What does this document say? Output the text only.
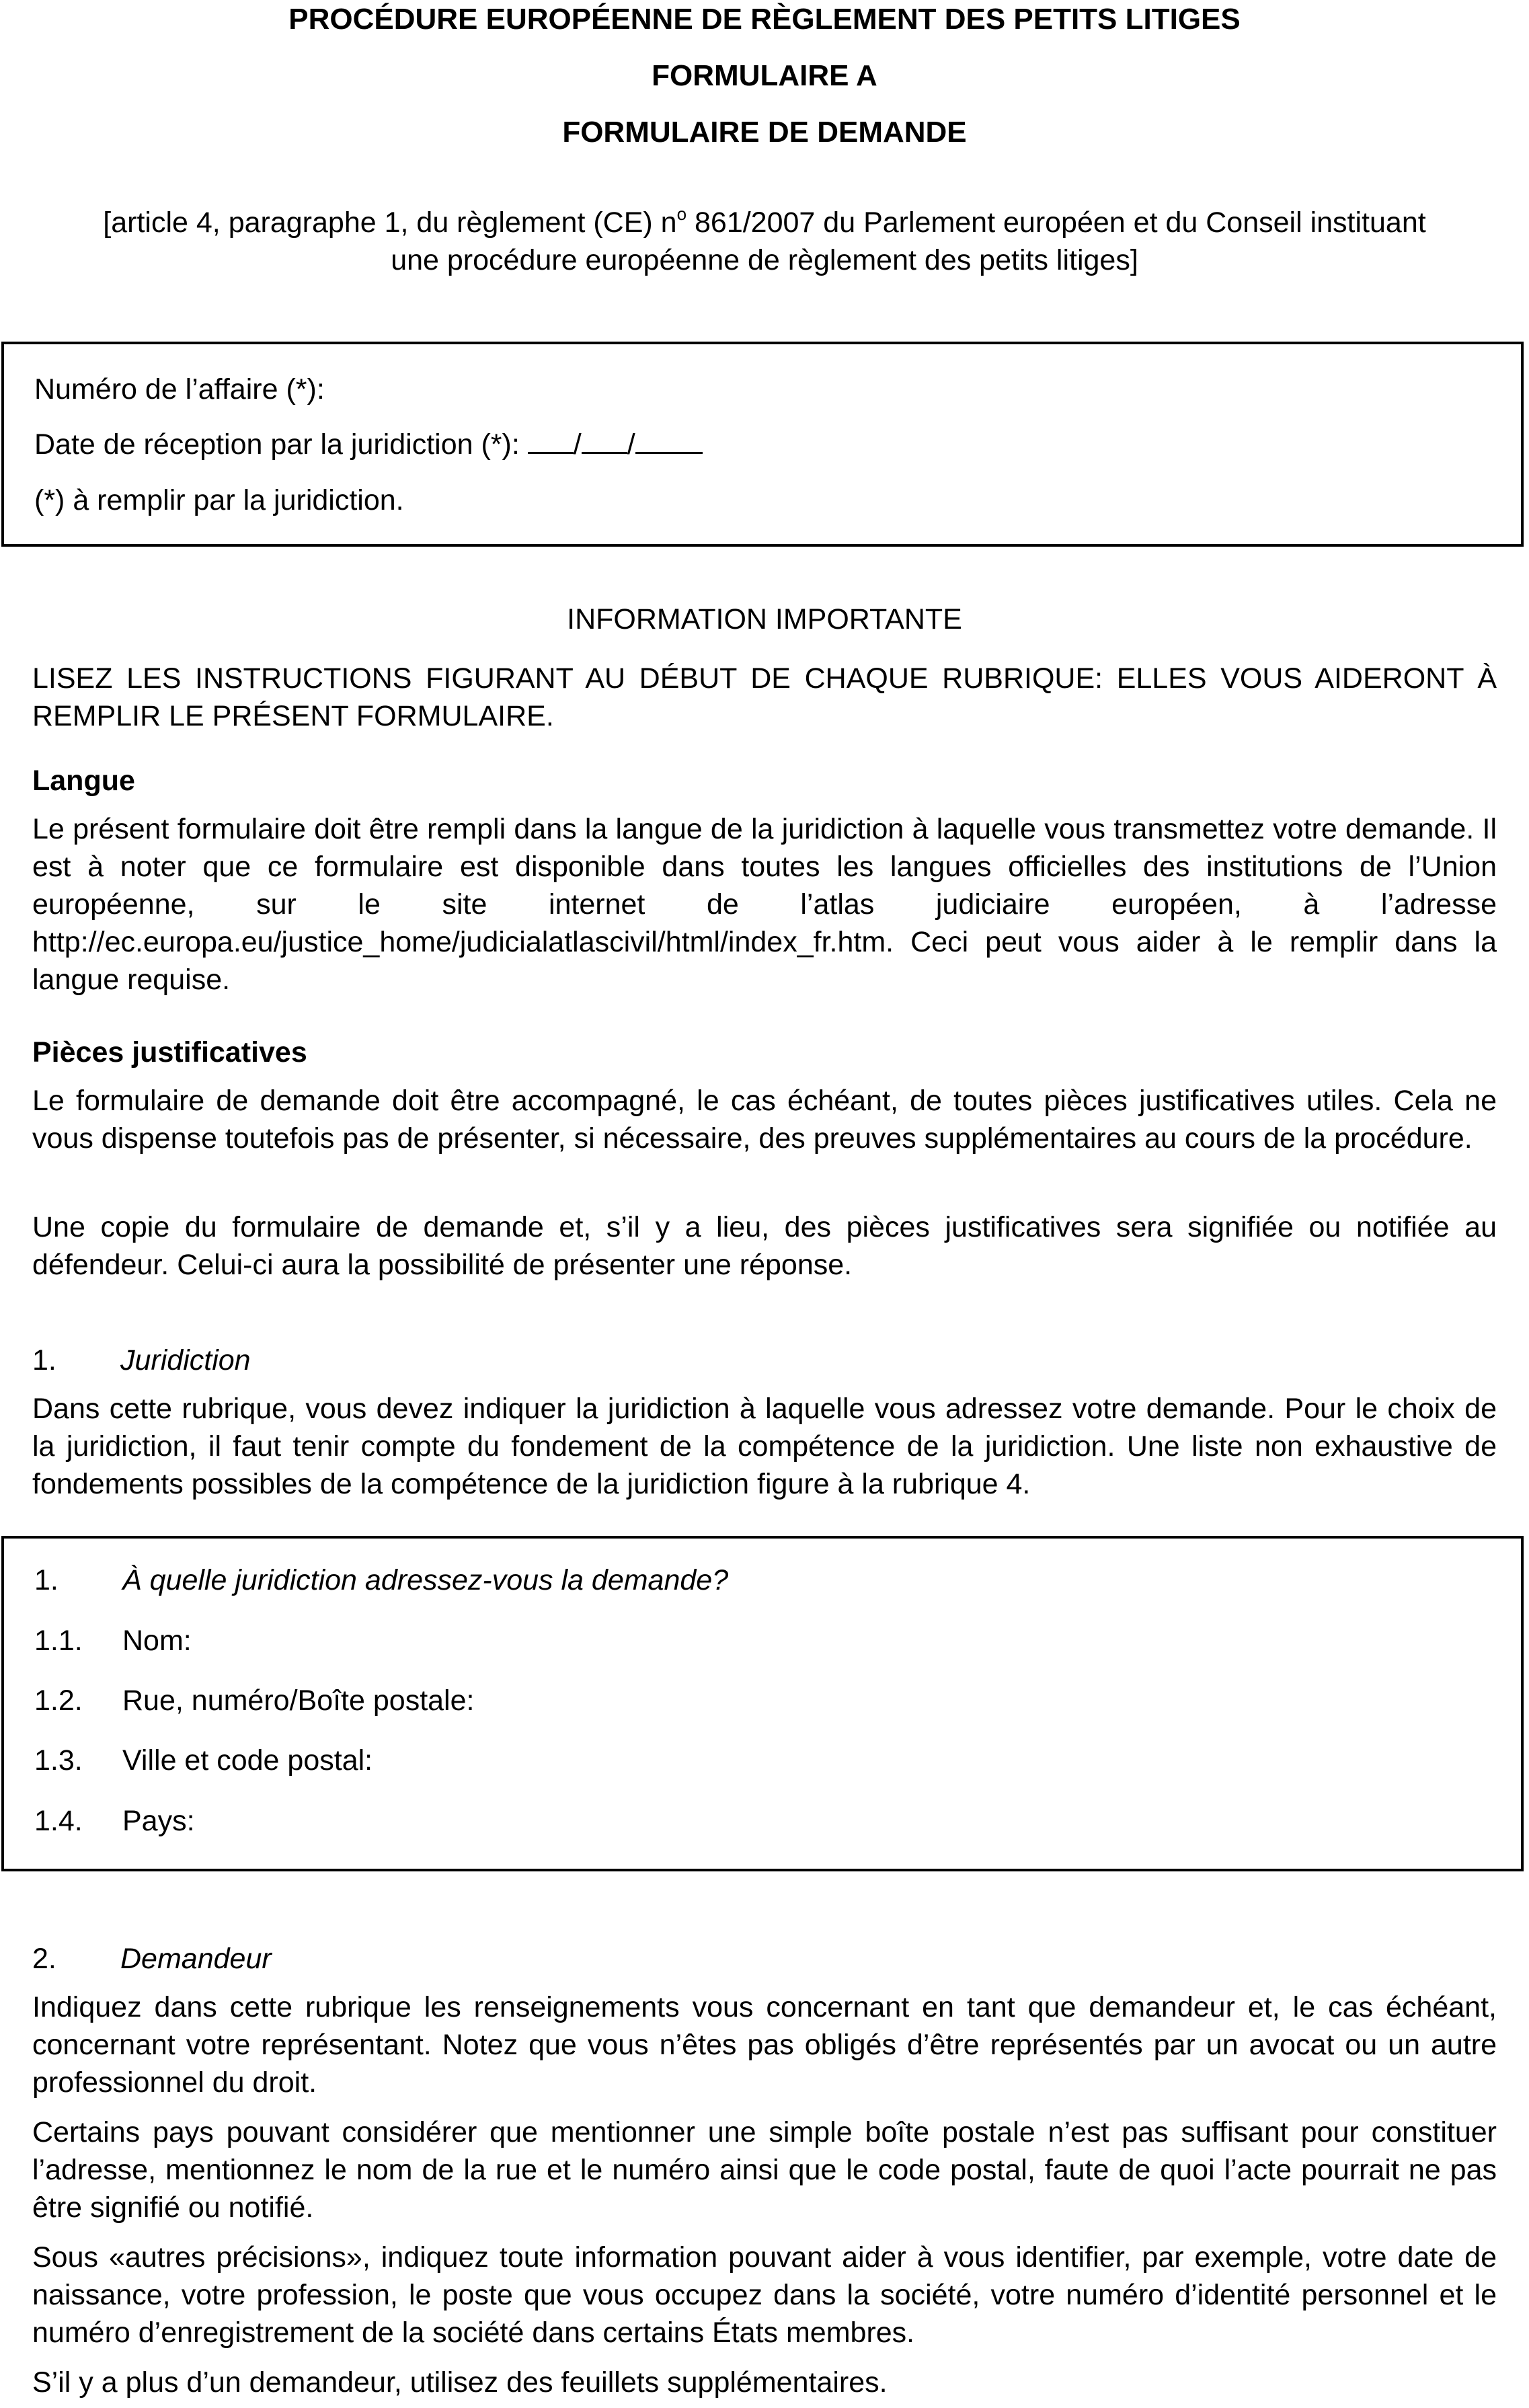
PROCÉDURE EUROPÉENNE DE RÈGLEMENT DES PETITS LITIGES
FORMULAIRE A
FORMULAIRE DE DEMANDE
[article 4, paragraphe 1, du règlement (CE) $n^o$ 861/2007 du Parlement européen et du Conseil instituant
une procédure européenne de règlement des petits litiges]
Numéro de l’affaire (*):
Date de réception par la juridiction (*): / /
(*) à remplir par la juridiction.
INFORMATION IMPORTANTE
LISEZ LES INSTRUCTIONS FIGURANT AU DÉBUT DE CHAQUE RUBRIQUE: ELLES VOUS AIDERONT À REMPLIR LE PRÉSENT FORMULAIRE.
Langue
Le présent formulaire doit être rempli dans la langue de la juridiction à laquelle vous transmettez votre demande. Il est à noter que ce formulaire est disponible dans toutes les langues officielles des institutions de l’Union européenne, sur le site internet de l’atlas judiciaire européen, à l’adresse http://ec.europa.eu/justice_home/judicialatlascivil/html/index_fr.htm. Ceci peut vous aider à le remplir dans la langue requise.
Pièces justificatives
Le formulaire de demande doit être accompagné, le cas échéant, de toutes pièces justificatives utiles. Cela ne vous dispense toutefois pas de présenter, si nécessaire, des preuves supplémentaires au cours de la procédure.
Une copie du formulaire de demande et, s’il y a lieu, des pièces justificatives sera signifiée ou notifiée au défendeur. Celui-ci aura la possibilité de présenter une réponse.
1. Juridiction
Dans cette rubrique, vous devez indiquer la juridiction à laquelle vous adressez votre demande. Pour le choix de la juridiction, il faut tenir compte du fondement de la compétence de la juridiction. Une liste non exhaustive de fondements possibles de la compétence de la juridiction figure à la rubrique 4.
1. À quelle juridiction adressez-vous la demande?
1.1. Nom:
1.2. Rue, numéro/Boîte postale:
1.3. Ville et code postal:
1.4. Pays:
2. Demandeur
Indiquez dans cette rubrique les renseignements vous concernant en tant que demandeur et, le cas échéant, concernant votre représentant. Notez que vous n’êtes pas obligés d’être représentés par un avocat ou un autre professionnel du droit.
Certains pays pouvant considérer que mentionner une simple boîte postale n’est pas suffisant pour constituer l’adresse, mentionnez le nom de la rue et le numéro ainsi que le code postal, faute de quoi l’acte pourrait ne pas être signifié ou notifié.
Sous «autres précisions», indiquez toute information pouvant aider à vous identifier, par exemple, votre date de naissance, votre profession, le poste que vous occupez dans la société, votre numéro d’identité personnel et le numéro d’enregistrement de la société dans certains États membres.
S’il y a plus d’un demandeur, utilisez des feuillets supplémentaires.
